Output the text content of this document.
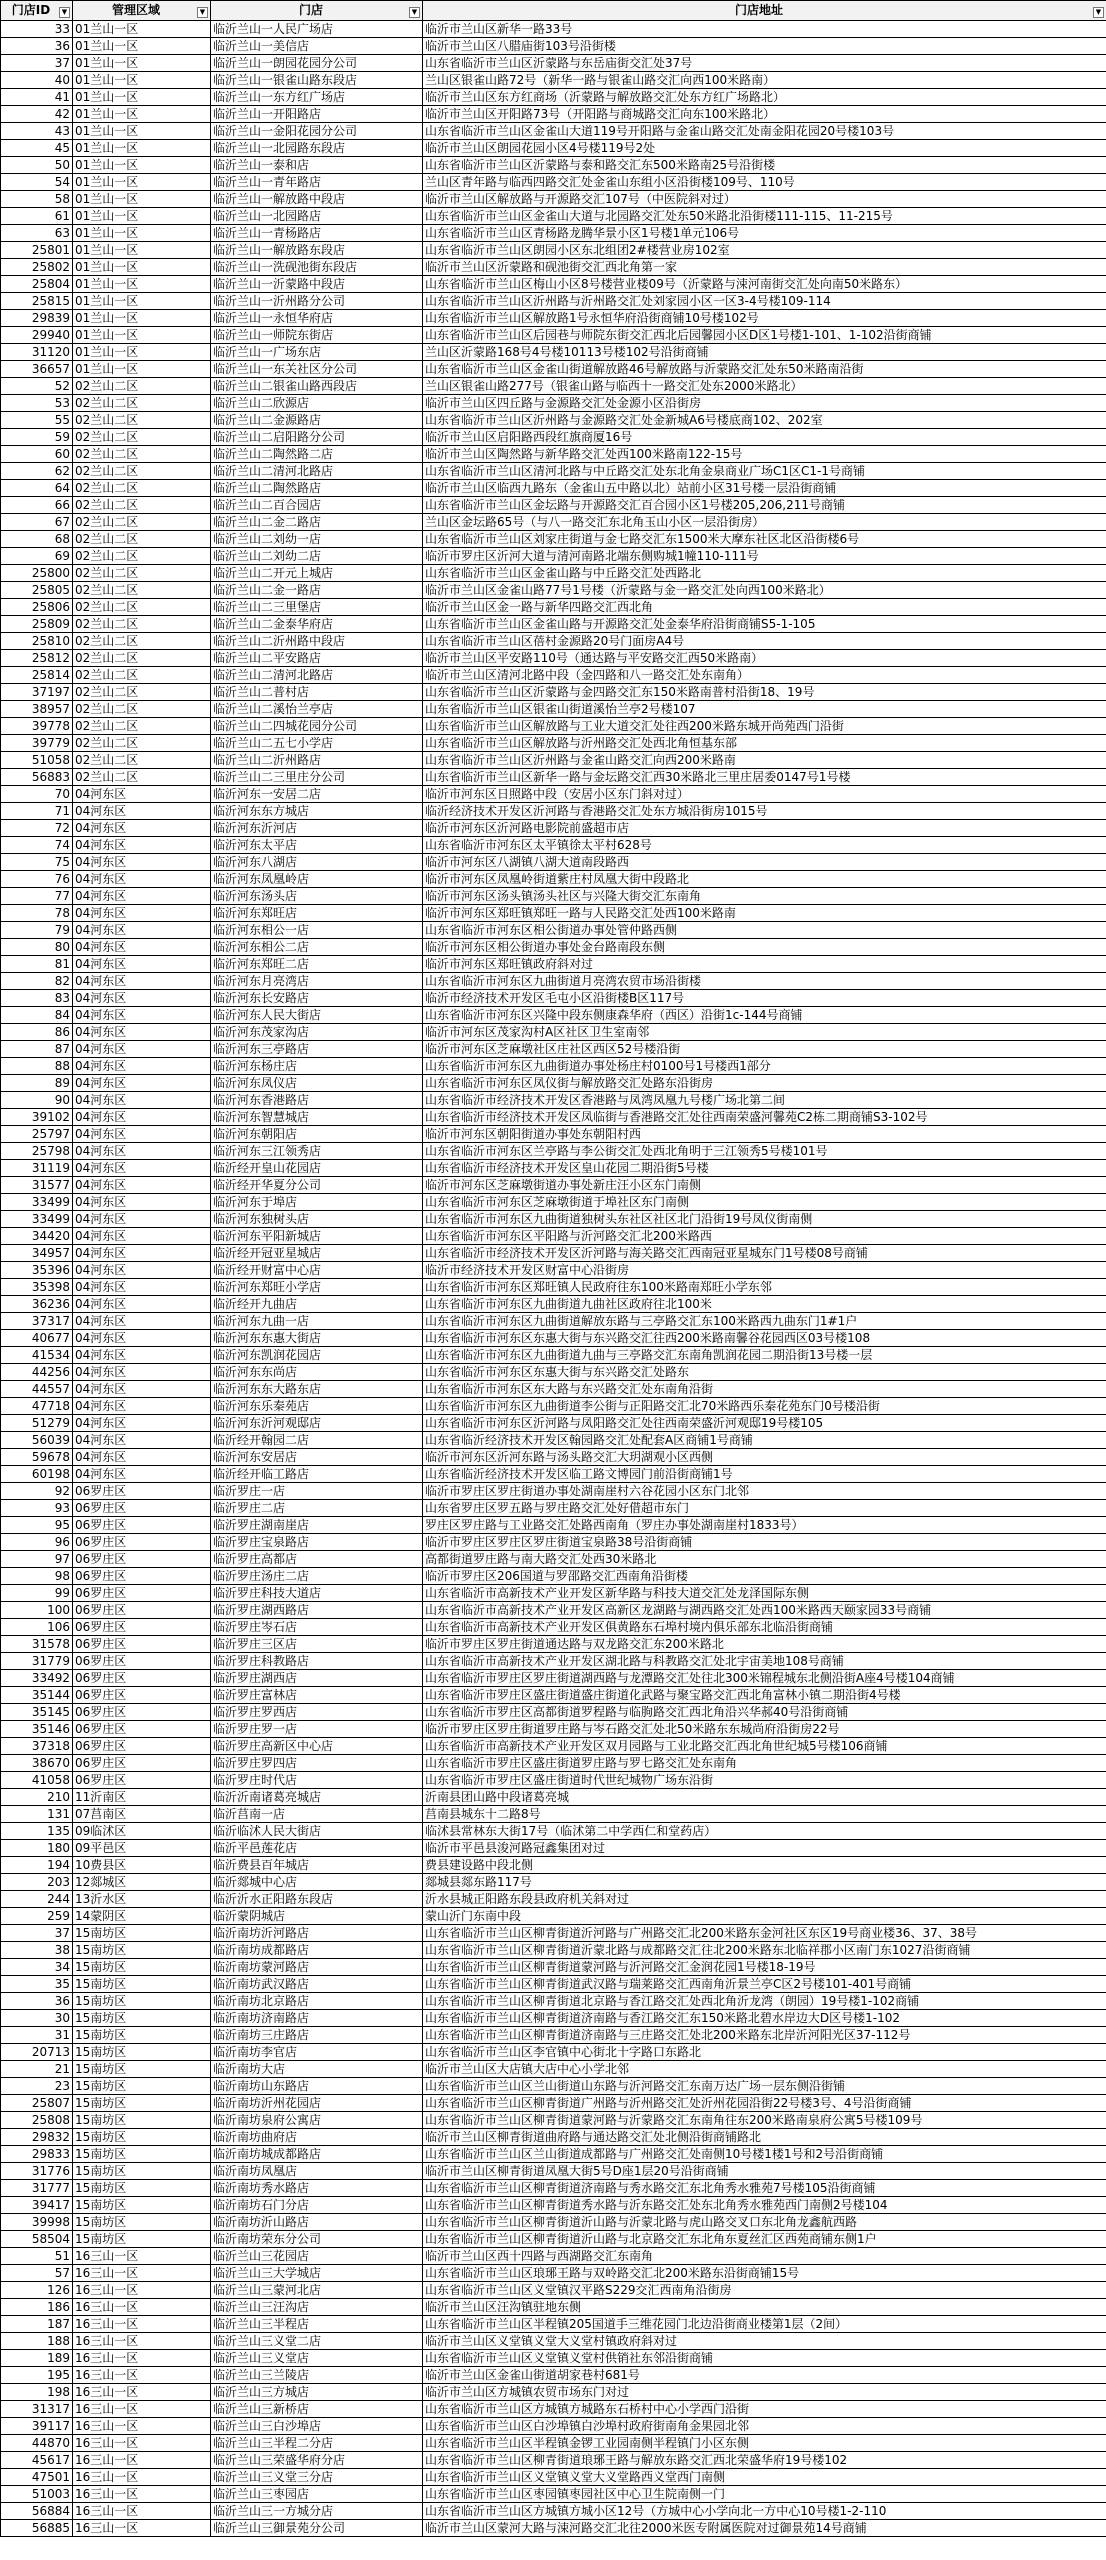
门店ID ▼	管理区域 ▼	门店 ▼	门店地址 ▼

33	01兰山一区	临沂兰山一人民广场店	临沂市兰山区新华一路33号
36	01兰山一区	临沂兰山一美信店	临沂市兰山区八腊庙街103号沿街楼
37	01兰山一区	临沂兰山一朗园花园分公司	山东省临沂市兰山区沂蒙路与东岳庙街交汇处37号
40	01兰山一区	临沂兰山一银雀山路东段店	兰山区银雀山路72号（新华一路与银雀山路交汇向西100米路南）
41	01兰山一区	临沂兰山一东方红广场店	临沂市兰山区东方红商场（沂蒙路与解放路交汇处东方红广场路北）
42	01兰山一区	临沂兰山一开阳路店	临沂市兰山区开阳路73号（开阳路与商城路交汇向东100米路北）
43	01兰山一区	临沂兰山一金阳花园分公司	山东省临沂市兰山区金雀山大道119号开阳路与金雀山路交汇处南金阳花园20号楼103号
45	01兰山一区	临沂兰山一北园路东段店	临沂市兰山区朗园花园小区4号楼119号2处
50	01兰山一区	临沂兰山一泰和店	山东省临沂市兰山区沂蒙路与泰和路交汇东500米路南25号沿街楼
54	01兰山一区	临沂兰山一青年路店	兰山区青年路与临西四路交汇处金雀山东组小区沿街楼109号、110号
58	01兰山一区	临沂兰山一解放路中段店	临沂市兰山区解放路与开源路交汇107号（中医院斜对过）
61	01兰山一区	临沂兰山一北园路店	山东省临沂市兰山区金雀山大道与北园路交汇处东50米路北沿街楼111-115、11-215号
63	01兰山一区	临沂兰山一青杨路店	山东省临沂市兰山区青杨路龙腾华景小区1号楼1单元106号
25801	01兰山一区	临沂兰山一解放路东段店	山东省临沂市兰山区朗园小区东北组团2#楼营业房102室
25802	01兰山一区	临沂兰山一洗砚池街东段店	临沂市兰山区沂蒙路和砚池街交汇西北角第一家
25804	01兰山一区	临沂兰山一沂蒙路中段店	山东省临沂市兰山区梅山小区8号楼营业楼09号（沂蒙路与涑河南街交汇处向南50米路东）
25815	01兰山一区	临沂兰山一沂州路分公司	山东省临沂市兰山区沂州路与沂州路交汇处刘家园小区一区3-4号楼109-114
29839	01兰山一区	临沂兰山一永恒华府店	山东省临沂市兰山区解放路1号永恒华府沿街商铺10号楼102号
29940	01兰山一区	临沂兰山一师院东街店	山东省临沂市兰山区后园巷与师院东街交汇西北后园馨园小区D区1号楼1-101、1-102沿街商铺
31120	01兰山一区	临沂兰山一广场东店	兰山区沂蒙路168号4号楼10113号楼102号沿街商铺
36657	01兰山一区	临沂兰山一东关社区分公司	山东省临沂市兰山区金雀山街道解放路46号解放路与沂蒙路交汇处东50米路南沿街
52	02兰山二区	临沂兰山二银雀山路西段店	兰山区银雀山路277号（银雀山路与临西十一路交汇处东2000米路北）
53	02兰山二区	临沂兰山二欣源店	临沂市兰山区四丘路与金源路交汇处金源小区沿街房
55	02兰山二区	临沂兰山二金源路店	山东省临沂市兰山区沂州路与金源路交汇处金新城A6号楼底商102、202室
59	02兰山二区	临沂兰山二启阳路分公司	临沂市兰山区启阳路西段红旗商厦16号
60	02兰山二区	临沂兰山二陶然路二店	临沂市兰山区陶然路与新华路交汇处西100米路南122-15号
62	02兰山二区	临沂兰山二清河北路店	山东省临沂市兰山区清河北路与中丘路交汇处东北角金泉商业广场C1区C1-1号商铺
64	02兰山二区	临沂兰山二陶然路店	临沂市兰山区临西九路东（金雀山五中路以北）站前小区31号楼一层沿街商铺
66	02兰山二区	临沂兰山二百合园店	山东省临沂市兰山区金坛路与开源路交汇百合园小区1号楼205,206,211号商铺
67	02兰山二区	临沂兰山二金二路店	兰山区金坛路65号（与八一路交汇东北角玉山小区一层沿街房）
68	02兰山二区	临沂兰山二刘幼一店	山东省临沂市兰山区刘家庄街道与金七路交汇东1500米大摩东社区北区沿街楼6号
69	02兰山二区	临沂兰山二刘幼二店	临沂市罗庄区沂河大道与清河南路北端东侧购城1幢110-111号
25800	02兰山二区	临沂兰山二开元上城店	山东省临沂市兰山区金雀山路与中丘路交汇处西路北
25805	02兰山二区	临沂兰山二金一路店	临沂市兰山区金雀山路77号1号楼（沂蒙路与金一路交汇处向西100米路北）
25806	02兰山二区	临沂兰山二三里堡店	临沂市兰山区金一路与新华四路交汇西北角
25809	02兰山二区	临沂兰山二金泰华府店	山东省临沂市兰山区金雀山路与开源路交汇处金泰华府沿街商铺S5-1-105
25810	02兰山二区	临沂兰山二沂州路中段店	山东省临沂市兰山区蓓村金源路20号门面房A4号
25812	02兰山二区	临沂兰山二平安路店	临沂市兰山区平安路110号（通达路与平安路交汇西50米路南）
25814	02兰山二区	临沂兰山二清河北路店	临沂市兰山区清河北路中段（金四路和八一路交汇处东南角）
37197	02兰山二区	临沂兰山二普村店	山东省临沂市兰山区沂蒙路与金四路交汇东150米路南普村沿街18、19号
38957	02兰山二区	临沂兰山二溪怡兰亭店	山东省临沂市兰山区银雀山街道溪怡兰亭2号楼107
39778	02兰山二区	临沂兰山二四城花园分公司	山东省临沂市兰山区解放路与工业大道交汇处往西200米路东城开尚苑西门沿街
39779	02兰山二区	临沂兰山二五七小学店	山东省临沂市兰山区解放路与沂州路交汇处西北角恒基东部
51058	02兰山二区	临沂兰山二沂州路店	山东省临沂市兰山区沂州路与金雀山路交汇向西200米路南
56883	02兰山二区	临沂兰山二三里庄分公司	山东省临沂市兰山区新华一路与金坛路交汇西30米路北三里庄居委0147号1号楼
70	04河东区	临沂河东一安居二店	临沂市河东区日照路中段（安居小区东门斜对过）
71	04河东区	临沂河东东方城店	临沂经济技术开发区沂河路与香港路交汇处东方城沿街房1015号
72	04河东区	临沂河东沂河店	临沂市河东区沂河路电影院前盛超市店
74	04河东区	临沂河东太平店	山东省临沂市河东区太平镇徐太平村628号
75	04河东区	临沂河东八湖店	临沂市河东区八湖镇八湖大道南段路西
76	04河东区	临沂河东凤凰岭店	临沂市河东区凤凰岭街道紫庄村凤凰大街中段路北
77	04河东区	临沂河东汤头店	临沂市河东区汤头镇汤头社区与兴隆大街交汇东南角
78	04河东区	临沂河东郑旺店	临沂市河东区郑旺镇郑旺一路与人民路交汇处西100米路南
79	04河东区	临沂河东相公一店	山东省临沂市河东区相公街道办事处管仲路西侧
80	04河东区	临沂河东相公二店	临沂市河东区相公街道办事处金台路南段东侧
81	04河东区	临沂河东郑旺二店	临沂市河东区郑旺镇政府斜对过
82	04河东区	临沂河东月亮湾店	山东省临沂市河东区九曲街道月亮湾农贸市场沿街楼
83	04河东区	临沂河东长安路店	临沂市经济技术开发区毛屯小区沿街楼B区117号
84	04河东区	临沂河东人民大街店	山东省临沂市河东区兴隆中段东侧康森华府（西区）沿街1c-144号商铺
86	04河东区	临沂河东茂家沟店	临沂市河东区茂家沟村A区社区卫生室南邻
87	04河东区	临沂河东三亭路店	临沂市河东区芝麻墩社区庄社区西区52号楼沿街
88	04河东区	临沂河东杨庄店	山东省临沂市河东区九曲街道办事处杨庄村0100号1号楼西1部分
89	04河东区	临沂河东凤仪店	山东省临沂市河东区凤仪街与解放路交汇处路东沿街房
90	04河东区	临沂河东香港路店	山东省临沂市经济技术开发区香港路与凤湾凤凰九号楼广场北第二间
39102	04河东区	临沂河东智慧城店	山东省临沂市经济技术开发区凤临街与香港路交汇处往西南荣盛河馨苑C2栋二期商铺S3-102号
25797	04河东区	临沂河东朝阳店	临沂市河东区朝阳街道办事处东朝阳村西
25798	04河东区	临沂河东三江领秀店	山东省临沂市河东区兰亭路与李公街交汇处西北角明于三江领秀5号楼101号
31119	04河东区	临沂经开皇山花园店	山东省临沂市经济技术开发区皇山花园二期沿街5号楼
31577	04河东区	临沂经开华夏分公司	临沂市河东区芝麻墩街道办事处新庄汪小区东门南侧
33499	04河东区	临沂河东于埠店	山东省临沂市河东区芝麻墩街道于埠社区东门南侧
33499	04河东区	临沂河东独树头店	山东省临沂市河东区九曲街道独树头东社区社区北门沿街19号凤仪街南侧
34420	04河东区	临沂河东平阳新城店	山东省临沂市河东区平阳路与沂河路交汇北200米路西
34957	04河东区	临沂经开冠亚星城店	山东省临沂市经济技术开发区沂河路与海关路交汇西南冠亚星城东门1号楼08号商铺
35396	04河东区	临沂经开财富中心店	临沂市经济技术开发区财富中心沿街房
35398	04河东区	临沂河东郑旺小学店	山东省临沂市河东区郑旺镇人民政府往东100米路南郑旺小学东邻
36236	04河东区	临沂经开九曲店	山东省临沂市河东区九曲街道九曲社区政府往北100米
37317	04河东区	临沂河东九曲一店	山东省临沂市河东区九曲街道解放东路与三亭路交汇东100米路西九曲东门1#1户
40677	04河东区	临沂河东东惠大街店	山东省临沂市河东区东惠大街与东兴路交汇往西200米路南馨谷花园西区03号楼108
41534	04河东区	临沂河东凯润花园店	山东省临沂市河东区九曲街道九曲与三亭路交汇东南角凯润花园二期沿街13号楼一层
44256	04河东区	临沂河东东尚店	山东省临沂市河东区东惠大街与东兴路交汇处路东
44557	04河东区	临沂河东东大路东店	山东省临沂市河东区东大路与东兴路交汇处东南角沿街
47718	04河东区	临沂河东乐秦苑店	山东省临沂市河东区九曲街道李公街与正阳路交汇北70米路西乐秦花苑东门0号楼沿街
51279	04河东区	临沂河东沂河观邸店	山东省临沂市河东区沂河路与凤阳路交汇处往西南荣盛沂河观邸19号楼105
56039	04河东区	临沂经开翰园二店	山东省临沂经济技术开发区翰园路交汇处配套A区商铺1号商铺
59678	04河东区	临沂河东安居店	临沂市河东区沂河东路与汤头路交汇大玥湖观小区西侧
60198	04河东区	临沂经开临工路店	山东省临沂经济技术开发区临工路文博园门前沿街商铺1号
92	06罗庄区	临沂罗庄一店	临沂市罗庄区罗庄街道办事处湖南崖村六谷花园小区东门北邻
93	06罗庄区	临沂罗庄二店	山东省罗庄区罗五路与罗庄路交汇处好借超市东门
95	06罗庄区	临沂罗庄湖南崖店	罗庄区罗庄路与工业路交汇处路西南角（罗庄办事处湖南崖村1833号）
96	06罗庄区	临沂罗庄宝泉路店	临沂市罗庄区罗庄区罗庄街道宝泉路38号沿街商铺
97	06罗庄区	临沂罗庄高都店	高都街道罗庄路与南大路交汇处西30米路北
98	06罗庄区	临沂罗庄汤庄二店	临沂市罗庄区206国道与罗邵路交汇西南角沿街楼
99	06罗庄区	临沂罗庄科技大道店	山东省临沂市高新技术产业开发区新华路与科技大道交汇处龙泽国际东侧
100	06罗庄区	临沂罗庄湖西路店	山东省临沂市高新技术产业开发区高新区龙湖路与湖西路交汇处西100米路西天颐家园33号商铺
106	06罗庄区	临沂罗庄岑石店	山东省临沂市高新技术产业开发区俱黄路东石埠村境内俱乐部东北临沿街商铺
31578	06罗庄区	临沂罗庄三区店	临沂市罗庄区罗庄街道通达路与双龙路交汇东200米路北
31779	06罗庄区	临沂罗庄科教路店	山东省临沂市高新技术产业开发区湖北路与科教路交汇处北宇宙美地108号商铺
33492	06罗庄区	临沂罗庄湖西店	山东省临沂市罗庄区罗庄街道湖西路与龙潭路交汇处往北300米锦程城东北侧沿街A座4号楼104商铺
35144	06罗庄区	临沂罗庄富林店	山东省临沂市罗庄区盛庄街道盛庄街道化武路与聚宝路交汇西北角富林小镇二期沿街4号楼
35145	06罗庄区	临沂罗庄罗西店	山东省临沂市罗庄区高都街道罗程路与临朐路交汇西北角沿兴华郝40号沿街商铺
35146	06罗庄区	临沂罗庄罗一店	临沂市罗庄区罗庄街道罗庄路与岑石路交汇处北50米路东东城尚府沿街房22号
37318	06罗庄区	临沂罗庄高新区中心店	山东省临沂市高新技术产业开发区双月园路与工业北路交汇西北角世纪城5号楼106商铺
38670	06罗庄区	临沂罗庄罗四店	山东省临沂市罗庄区盛庄街道罗庄路与罗七路交汇处东南角
41058	06罗庄区	临沂罗庄时代店	山东省临沂市罗庄区盛庄街道时代世纪城物广场东沿街
210	11沂南区	临沂沂南诸葛亮城店	沂南县团山路中段诸葛亮城
131	07莒南区	临沂莒南一店	莒南县城东十二路8号
135	09临沭区	临沂临沭人民大街店	临沭县常林东大街17号（临沭第二中学西仁和堂药店）
180	09平邑区	临沂平邑莲花店	临沂市平邑县浚河路冠鑫集团对过
194	10费县区	临沂费县百年城店	费县建设路中段北侧
203	12郯城区	临沂郯城中心店	郯城县郯东路117号
244	13沂水区	临沂沂水正阳路东段店	沂水县城正阳路东段县政府机关斜对过
259	14蒙阴区	临沂蒙阴城店	蒙山沂门东南中段
37	15南坊区	临沂南坊沂河路店	山东省临沂市兰山区柳青街道沂河路与广州路交汇北200米路东金河社区东区19号商业楼36、37、38号
38	15南坊区	临沂南坊成都路店	山东省临沂市兰山区柳青街道沂蒙北路与成都路交汇往北200米路东北临祥郡小区南门东1027沿街商铺
34	15南坊区	临沂南坊蒙河路店	山东省临沂市兰山区柳青街道蒙河路与沂河路交汇金润花园1号楼18-19号
35	15南坊区	临沂南坊武汉路店	山东省临沂市兰山区柳青街道武汉路与瑞莱路交汇西南角沂景兰亭C区2号楼101-401号商铺
36	15南坊区	临沂南坊北京路店	山东省临沂市兰山区柳青街道北京路与香江路交汇处西北角沂龙湾（朗园）19号楼1-102商铺
30	15南坊区	临沂南坊济南路店	山东省临沂市兰山区柳青街道济南路与香江路交汇东150米路北碧水岸边大D区号楼1-102
31	15南坊区	临沂南坊三庄路店	山东省临沂市兰山区柳青街道济南路与三庄路交汇处北200米路东北岸沂河阳光区37-112号
20713	15南坊区	临沂南坊李官店	山东省临沂市兰山区李官镇中心街北十字路口东路北
21	15南坊区	临沂南坊大店	临沂市兰山区大店镇大店中心小学北邻
23	15南坊区	临沂南坊山东路店	山东省临沂市兰山区兰山街道山东路与沂河路交汇东南万达广场一层东侧沿街铺
25807	15南坊区	临沂南坊沂州花园店	山东省临沂市兰山区柳青街道广州路与沂州路交汇处沂州花园沿街22号楼3号、4号沿街商铺
25808	15南坊区	临沂南坊泉府公寓店	山东省临沂市兰山区柳青街道蒙河路与沂蒙路交汇东南角往东200米路南泉府公寓5号楼109号
29832	15南坊区	临沂南坊曲府店	临沂市兰山区柳青街道曲府路与通达路交汇处北侧沿街商铺路北
29833	15南坊区	临沂南坊城成都路店	山东省临沂市兰山区兰山街道成都路与广州路交汇处南侧10号楼1楼1号和2号沿街商铺
31776	15南坊区	临沂南坊凤凰店	临沂市兰山区柳青街道凤凰大街5号D座1层20号沿街商铺
31777	15南坊区	临沂南坊秀水路店	山东省临沂市兰山区柳青街道济南路与秀水路交汇东北角秀水雅苑7号楼105沿街商铺
39417	15南坊区	临沂南坊石门分店	山东省临沂市兰山区柳青街道秀水路与沂东路交汇处东北角秀水雅苑西门南侧2号楼104
39998	15南坊区	临沂南坊沂山路店	山东省临沂市兰山区柳青街道沂山路与沂蒙北路与虎山路交叉口东北角龙鑫航西路
58504	15南坊区	临沂南坊荣东分公司	山东省临沂市兰山区柳青街道沂山路与北京路交汇东北角东夏丝汇区西苑商铺东侧1户
51	16三山一区	临沂兰山三花园店	临沂市兰山区西十四路与西湖路交汇东南角
57	16三山一区	临沂兰山三大学城店	山东省临沂市兰山区琅琊王路与双岭路交汇北200米路东沿街商铺15号
126	16三山一区	临沂兰山三蒙河北店	山东省临沂市兰山区义堂镇汉平路S229交汇西南角沿街房
186	16三山一区	临沂兰山三汪沟店	临沂市兰山区汪沟镇驻地东侧
187	16三山一区	临沂兰山三半程店	山东省临沂市兰山区半程镇205国道手三维花园门北边沿街商业楼第1层（2间）
188	16三山一区	临沂兰山三义堂二店	临沂市兰山区义堂镇义堂大义堂村镇政府斜对过
189	16三山一区	临沂兰山三义堂店	山东省临沂市兰山区义堂镇义堂村供销社东邻沿街商铺
195	16三山一区	临沂兰山三兰陵店	临沂市兰山区金雀山街道胡家巷村681号
198	16三山一区	临沂兰山三方城店	临沂市兰山区方城镇农贸市场东门对过
31317	16三山一区	临沂兰山三新桥店	山东省临沂市兰山区方城镇方城路东石桥村中心小学西门沿街
39117	16三山一区	临沂兰山三白沙埠店	山东省临沂市兰山区白沙埠镇白沙埠村政府街南角金果园北邻
44870	16三山一区	临沂兰山三半程二分店	山东省临沂市兰山区半程镇金锣工业园南侧半程镇门小区东侧
45617	16三山一区	临沂兰山三荣盛华府分店	山东省临沂市兰山区柳青街道琅琊王路与解放东路交汇西北荣盛华府19号楼102
47501	16三山一区	临沂兰山三义堂三分店	山东省临沂市兰山区义堂镇义堂大义堂路西义堂西门南侧
51003	16三山一区	临沂兰山三枣园店	山东省临沂市兰山区枣园镇枣园社区中心卫生院南侧一门
56884	16三山一区	临沂兰山三一方城分店	山东省临沂市兰山区方城镇方城小区12号（方城中心小学向北一方中心10号楼1-2-110
56885	16三山一区	临沂兰山三御景苑分公司	临沂市兰山区蒙河大路与涑河路交汇北往2000米医专附属医院对过御景苑14号商铺
